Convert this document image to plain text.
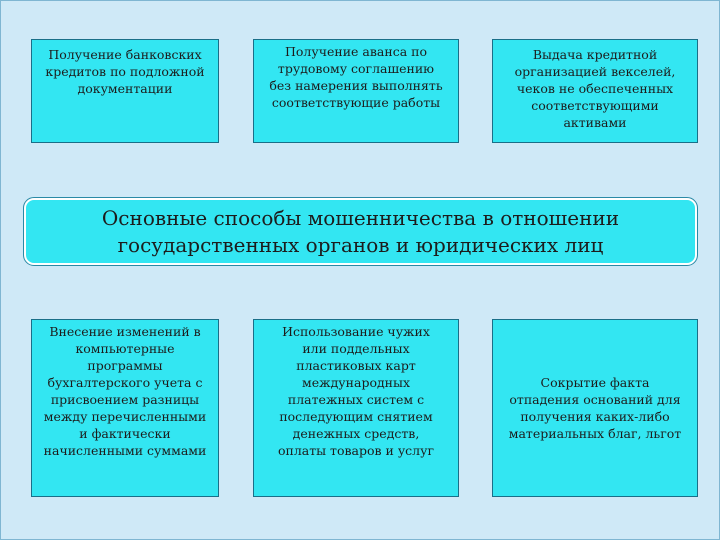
Получение банковских
кредитов по подложной
документации
Получение аванса по
трудовому соглашению
без намерения выполнять
соответствующие работы
Выдача кредитной
организацией векселей,
чеков не обеспеченных
соответствующими
активами
Основные способы мошенничества в отношении
государственных органов и юридических лиц
Внесение изменений в
компьютерные
программы
бухгалтерского учета с
присвоением разницы
между перечисленными
и фактически
начисленными суммами
Использование чужих
или поддельных
пластиковых карт
международных
платежных систем с
последующим снятием
денежных средств,
оплаты товаров и услуг
Сокрытие факта
отпадения оснований для
получения каких-либо
материальных благ, льгот
